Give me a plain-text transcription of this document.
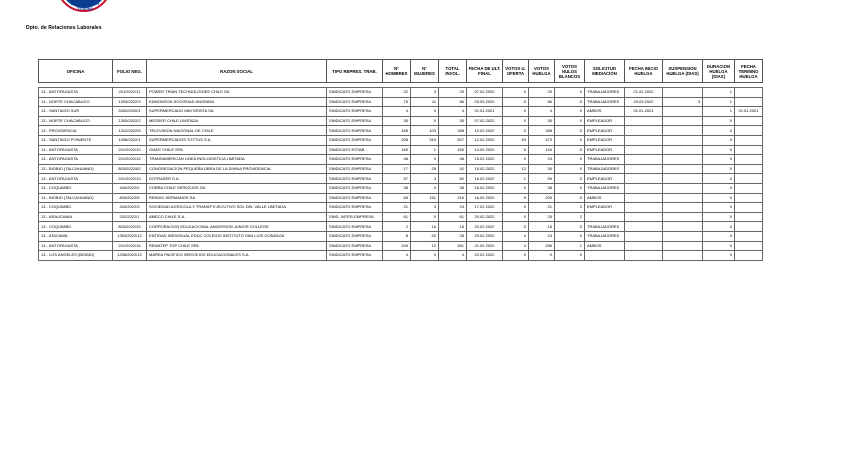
Dirección del
Trabajo
Dpto. de Relaciones Laborales
OFICINA	FOLIO NEG.	RAZON SOCIAL	TIPO REPRES. TRAB.	N° HOMBRES	N° MUJERES	TOTAL INVOL.	FECHA DE ULT. FINAL	VOTOS U. OFERTA	VOTOS HUELGA	VOTOS NULOS BLANCOS	SOLICITUD MEDIACION	FECHA INICIO HUELGA	SUSPENSION HUELGA (DIAS)	DURACION HUELGA (DIAS)	FECHA TERMINO HUELGA

13 - ANTOFAGASTA	201/2022/11	POWER TRAIN TECHNOLOGIES CHILE SA	SINDICATO EMPRESA	22	3	25	07.02.2022	0	25	0	TRABAJADORES	21.02.2022		1	
13 - NORTE CHACABUCO	1303/2022/3	EDMONSON SOCIEDAD ANONIMA	SINDICATO EMPRESA	75	11	86	03.03.2022	0	86	0	TRABAJADORES	20.03.2022	3	1	
13 - SANTIAGO SUR	3402/2020/1	SUPERMERCADO MAYORISTA SA	SINDICATO EMPRESA	4	0	4	01.01.2021	0	4	0	AMBOS	01.01.2021		1	01.01.2021
13 - NORTE CHACABUCO	1303/2022/2	MESSER CHILE LIMITADA	SINDICATO EMPRESA	35	0	35	07.02.2022	0	35	0	EMPLEADOR			0	
13 - PROVIDENCIA	1312/2022/6	TELEVISION NACIONAL DE CHILE	SINDICATO EMPRESA	185	103	288	10.02.2022	0	288	0	EMPLEADOR			0	
13 - SANTIAGO PONIENTE	1308/2022/1	SUPERMERCADOS TOTTUS S.A.	SINDICATO EMPRESA	208	319	527	12.02.2022	54	473	0	EMPLEADOR			0	
13 - ANTOFAGASTA	201/2022/10	GIANT CHILE SPA	SINDICATO ESTAB.	169	1	150	14.02.2022	6	144	0	EMPLEADOR			0	
13 - ANTOFAGASTA	201/2022/12	TRANSAMERICAN LINEA INOLOGISTICA LIMITADA	SINDICATO EMPRESA	48	0	48	15.02.2022	0	24	0	TRABAJADORES			0	
13 - BIOBIO (TALCAHUANO)	803/2022/62	CONGREGACION PEQUEÑA OBRA DE LA DIVINA PROVIDENCIA	SINDICATO EMPRESA	17	25	42	15.02.2022	12	30	0	TRABAJADORES			0	
13 - ANTOFAGASTA	201/2022/13	SOTRASER S.A.	SINDICATO EMPRESA	57	3	60	16.02.2022	1	59	0	EMPLEADOR			0	
13 - COQUIMBO	404/2022/2	COBRA CHILE SERVICIOS SA	SINDICATO EMPRESA	38	0	38	16.02.2022	0	38	0	TRABAJADORES			0	
13 - BIOBIO (TALCAHUANO)	803/2022/5	RENDIC HERMANOS SA	SINDICATO EMPRESA	65	151	216	16.02.2022	9	205	0	AMBOS			0	
13 - COQUIMBO	404/2022/3	SOCIEDAD AGRICOLA Y TRANSP EJECUTIVO SOL DEL VALLE LIMITADA	SINDICATO EMPRESA	21	3	24	17.02.2022	0	21	3	EMPLEADOR			0	
13 - ARAUCANIA	202/2022/1	AMECO CHILE S.A.	SIND. INTER-EMPRESA	61	0	61	20.02.2022	0	25	2				0	
13 - COQUIMBO	803/2022/33	CORPORACION EDUCACIONAL ANDERSON JUNIOR COLLEGE	SINDICATO EMPRESA	2	16	18	20.02.2022	0	18	0	TRABAJADORES			0	
13 - ATACAMA	1304/2022/12	ENTIDAD INDIVIDUAL EDUC COLEGIO INSTITUTO SAN LUIS GONZAGA	SINDICATO EMPRESA	8	20	28	20.02.2022	4	24	0	TRABAJADORES			0	
13 - ANTOFAGASTA	201/2022/16	REMATEP TOP CHILE SPA	SINDICATO EMPRESA	249	12	261	21.02.2022	4	256	1	AMBOS			0	
13 - LOS ANGELES (BIOBIO)	1208/2022/12	MAREA PACIFICO SERVICIOS EDUCACIONALES S.A.	SINDICATO EMPRESA	4	0	4	22.02.2022	0	0	0				0	
